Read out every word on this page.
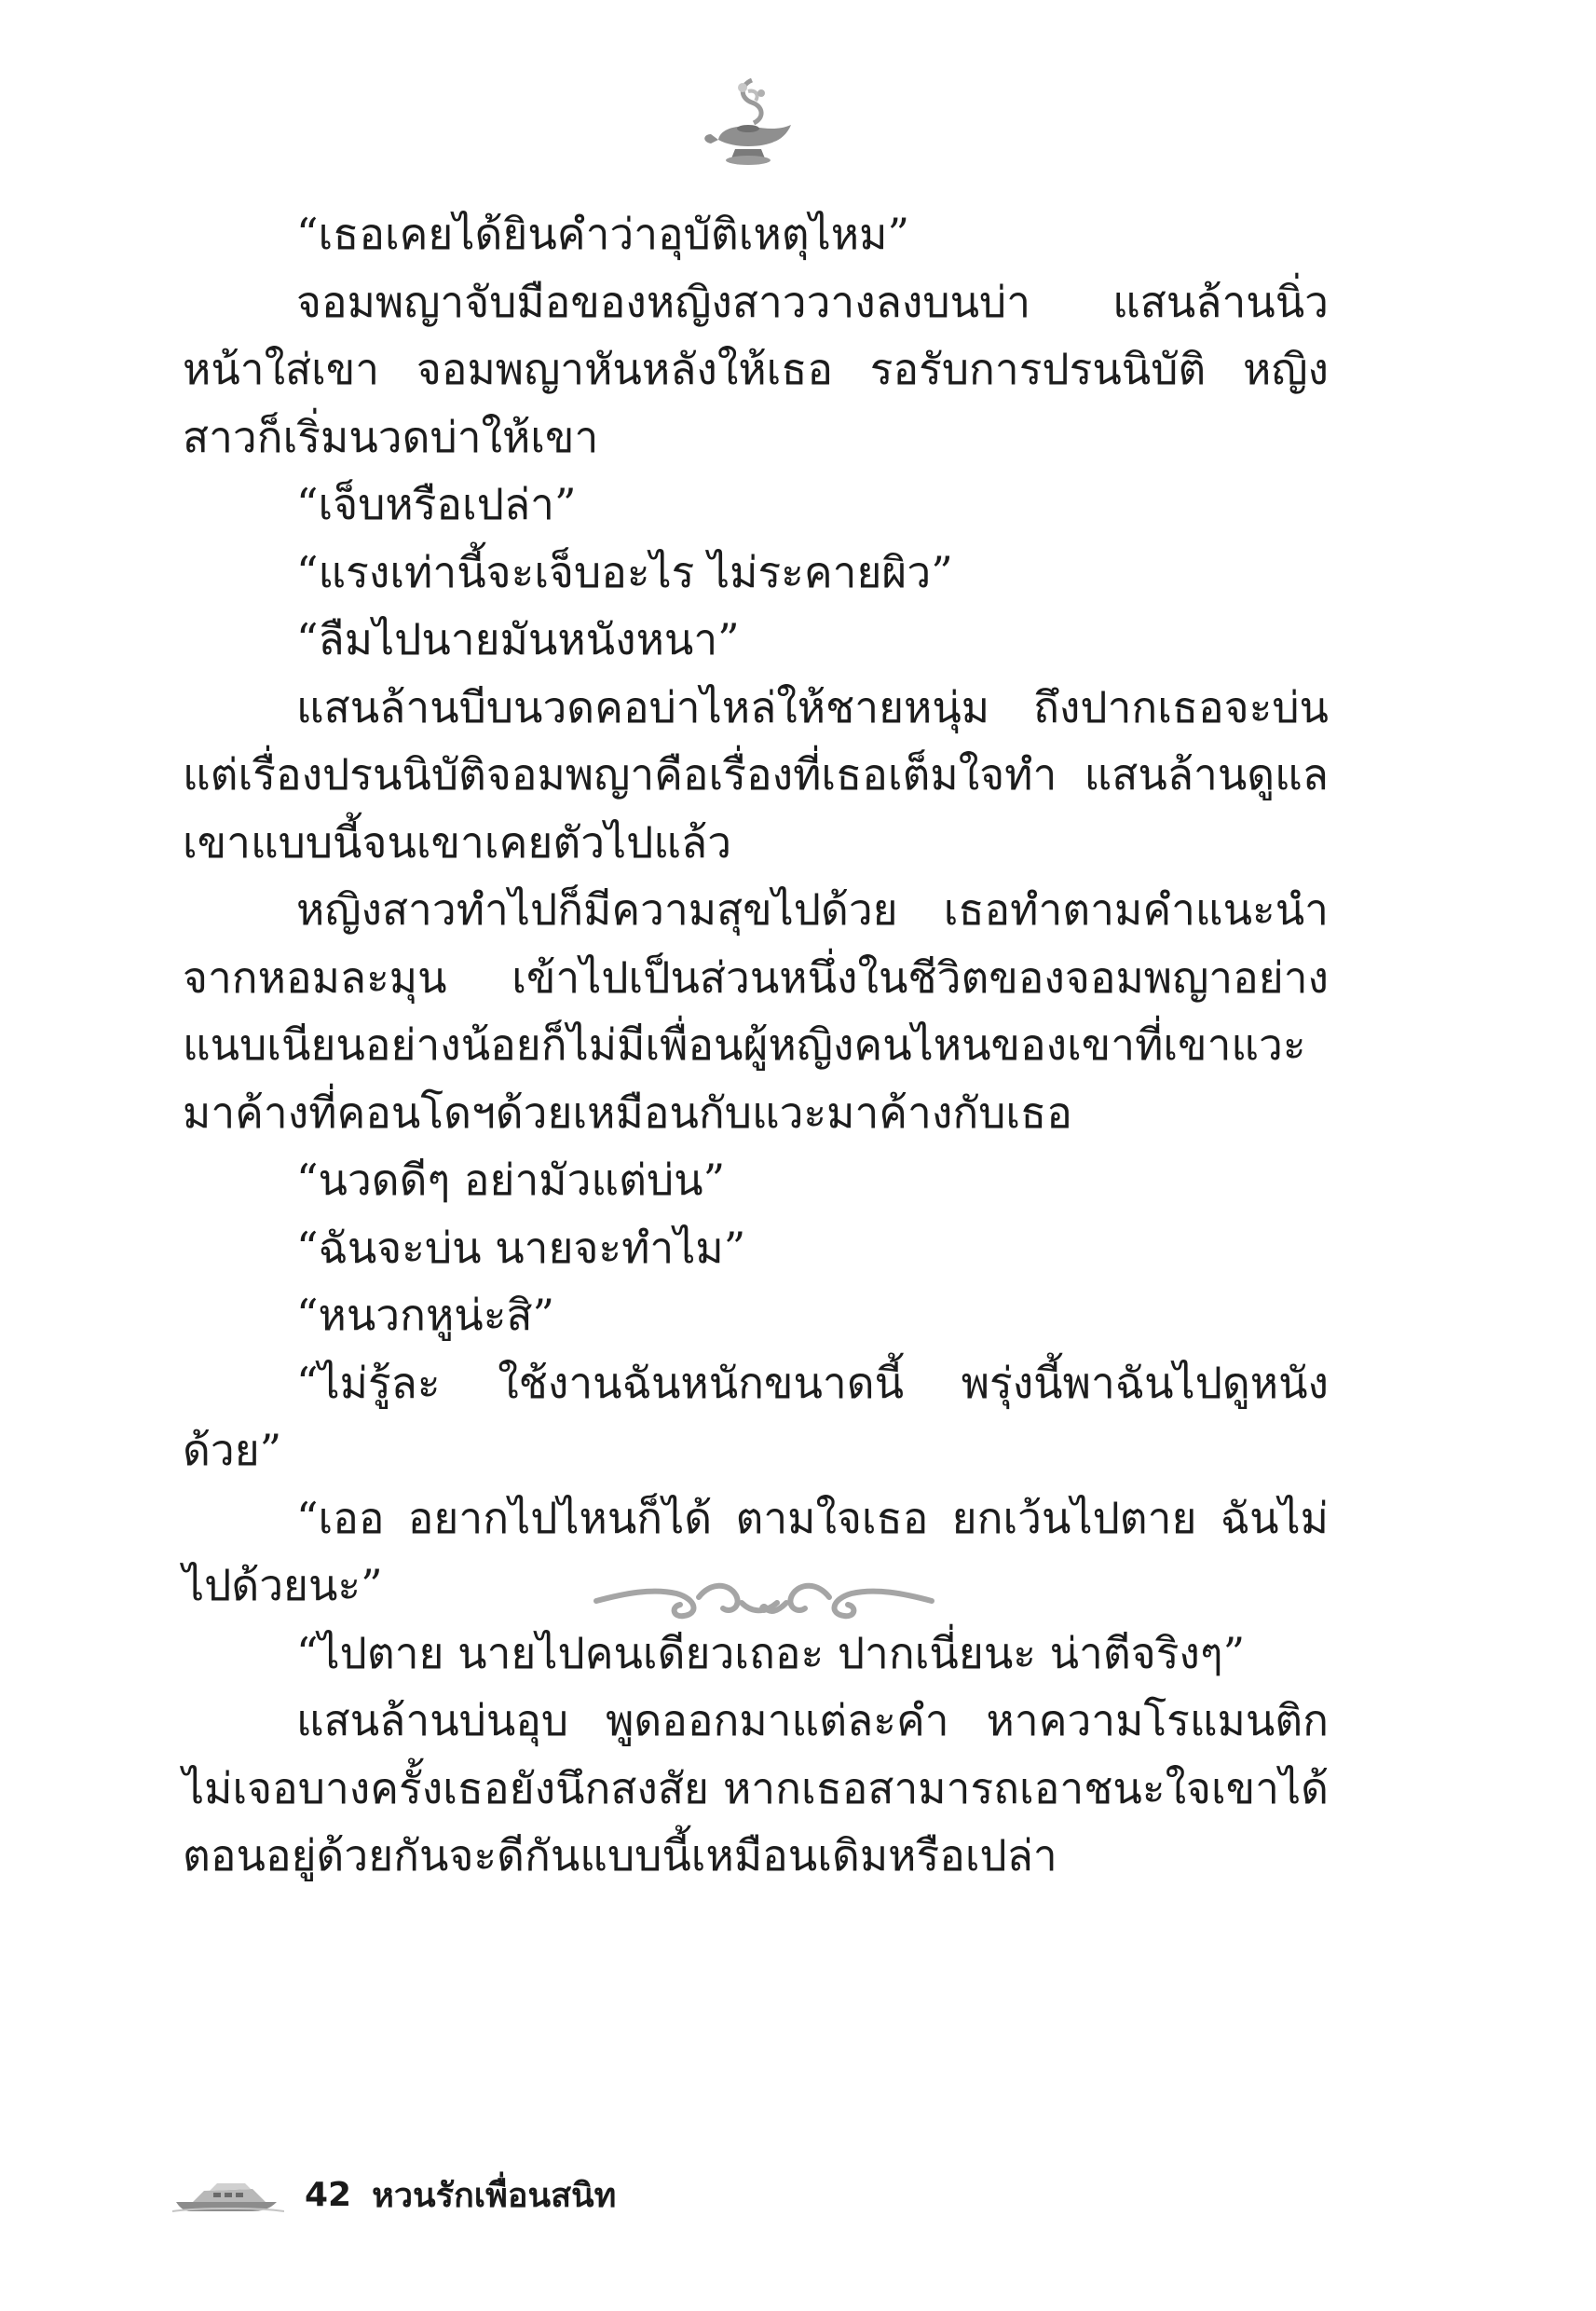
“เธอเคยได้ยินคำว่าอุบัติเหตุไหม”

จอมพญาจับมือของหญิงสาววางลงบนบ่า แสนล้านนิ่วหน้าใส่เขา จอมพญาหันหลังให้เธอ รอรับการปรนนิบัติ หญิงสาวก็เริ่มนวดบ่าให้เขา

“เจ็บหรือเปล่า”

“แรงเท่านี้จะเจ็บอะไร ไม่ระคายผิว”

“ลืมไปนายมันหนังหนา”

แสนล้านบีบนวดคอบ่าไหล่ให้ชายหนุ่ม ถึงปากเธอจะบ่นแต่เรื่องปรนนิบัติจอมพญาคือเรื่องที่เธอเต็มใจทำ แสนล้านดูแลเขาแบบนี้จนเขาเคยตัวไปแล้ว

หญิงสาวทำไปก็มีความสุขไปด้วย เธอทำตามคำแนะนำจากหอมละมุน เข้าไปเป็นส่วนหนึ่งในชีวิตของจอมพญาอย่างแนบเนียนอย่างน้อยก็ไม่มีเพื่อนผู้หญิงคนไหนของเขาที่เขาแวะมาค้างที่คอนโดฯด้วยเหมือนกับแวะมาค้างกับเธอ

“นวดดีๆ อย่ามัวแต่บ่น”

“ฉันจะบ่น นายจะทำไม”

“หนวกหูน่ะสิ”

“ไม่รู้ละ ใช้งานฉันหนักขนาดนี้ พรุ่งนี้พาฉันไปดูหนังด้วย”

“เออ อยากไปไหนก็ได้ ตามใจเธอ ยกเว้นไปตาย ฉันไม่ไปด้วยนะ”

“ไปตาย นายไปคนเดียวเถอะ ปากเนี่ยนะ น่าตีจริงๆ”

แสนล้านบ่นอุบ พูดออกมาแต่ละคำ หาความโรแมนติกไม่เจอบางครั้งเธอยังนึกสงสัย หากเธอสามารถเอาชนะใจเขาได้ ตอนอยู่ด้วยกันจะดีกันแบบนี้เหมือนเดิมหรือเปล่า

42 หวนรักเพื่อนสนิท
